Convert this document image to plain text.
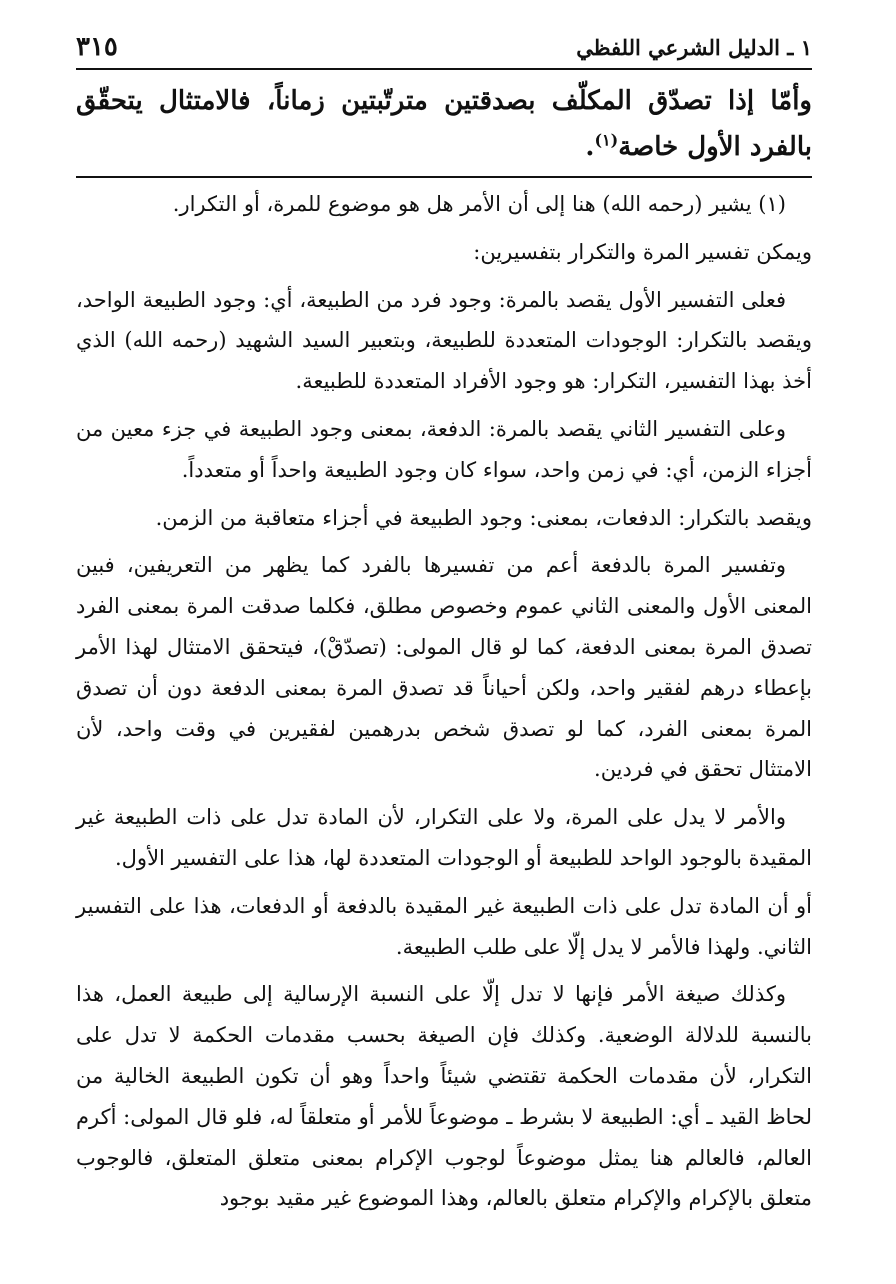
٣١٥	١ ـ الدليل الشرعي اللفظي

وأمّا إذا تصدّق المكلّف بصدقتين مترتّبتين زماناً، فالامتثال يتحقّق بالفرد الأول خاصة$^{(١)}$.

(١) يشير (رحمه الله) هنا إلى أن الأمر هل هو موضوع للمرة، أو التكرار.

ويمكن تفسير المرة والتكرار بتفسيرين:

فعلى التفسير الأول يقصد بالمرة: وجود فرد من الطبيعة، أي: وجود الطبيعة الواحد، ويقصد بالتكرار: الوجودات المتعددة للطبيعة، وبتعبير السيد الشهيد (رحمه الله) الذي أخذ بهذا التفسير، التكرار: هو وجود الأفراد المتعددة للطبيعة.

وعلى التفسير الثاني يقصد بالمرة: الدفعة، بمعنى وجود الطبيعة في جزء معين من أجزاء الزمن، أي: في زمن واحد، سواء كان وجود الطبيعة واحداً أو متعدداً.

ويقصد بالتكرار: الدفعات، بمعنى: وجود الطبيعة في أجزاء متعاقبة من الزمن.

وتفسير المرة بالدفعة أعم من تفسيرها بالفرد كما يظهر من التعريفين، فبين المعنى الأول والمعنى الثاني عموم وخصوص مطلق، فكلما صدقت المرة بمعنى الفرد تصدق المرة بمعنى الدفعة، كما لو قال المولى: (تصدّقْ)، فيتحقق الامتثال لهذا الأمر بإعطاء درهم لفقير واحد، ولكن أحياناً قد تصدق المرة بمعنى الدفعة دون أن تصدق المرة بمعنى الفرد، كما لو تصدق شخص بدرهمين لفقيرين في وقت واحد، لأن الامتثال تحقق في فردين.

والأمر لا يدل على المرة، ولا على التكرار، لأن المادة تدل على ذات الطبيعة غير المقيدة بالوجود الواحد للطبيعة أو الوجودات المتعددة لها، هذا على التفسير الأول.

أو أن المادة تدل على ذات الطبيعة غير المقيدة بالدفعة أو الدفعات، هذا على التفسير الثاني. ولهذا فالأمر لا يدل إلّا على طلب الطبيعة.

وكذلك صيغة الأمر فإنها لا تدل إلّا على النسبة الإرسالية إلى طبيعة العمل، هذا بالنسبة للدلالة الوضعية. وكذلك فإن الصيغة بحسب مقدمات الحكمة لا تدل على التكرار، لأن مقدمات الحكمة تقتضي شيئاً واحداً وهو أن تكون الطبيعة الخالية من لحاظ القيد ـ أي: الطبيعة لا بشرط ـ موضوعاً للأمر أو متعلقاً له، فلو قال المولى: أكرم العالم، فالعالم هنا يمثل موضوعاً لوجوب الإكرام بمعنى متعلق المتعلق، فالوجوب متعلق بالإكرام والإكرام متعلق بالعالم، وهذا الموضوع غير مقيد بوجود
